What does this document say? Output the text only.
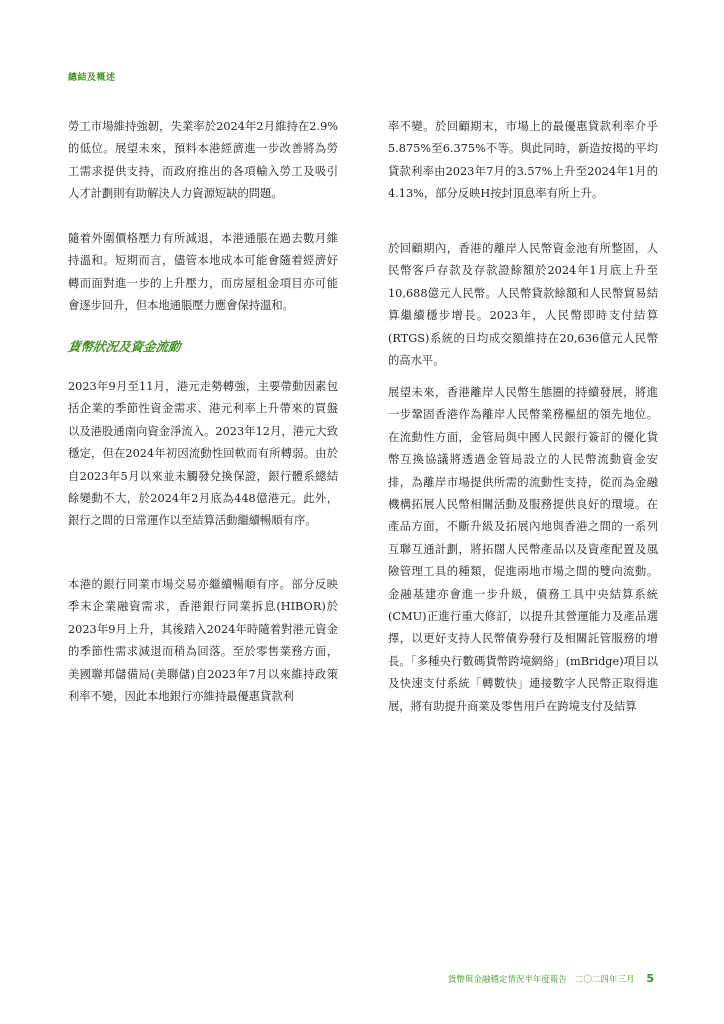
總結及概述

勞工市場維持強韌，失業率於2024年2月維持在2.9%的低位。展望未來，預料本港經濟進一步改善將為勞工需求提供支持，而政府推出的各項輸入勞工及吸引人才計劃則有助解決人力資源短缺的問題。

隨着外圍價格壓力有所減退，本港通脹在過去數月維持溫和。短期而言，儘管本地成本可能會隨着經濟好轉而面對進一步的上升壓力，而房屋租金項目亦可能會逐步回升，但本地通脹壓力應會保持溫和。

貨幣狀況及資金流動

2023年9月至11月，港元走勢轉強，主要帶動因素包括企業的季節性資金需求、港元利率上升帶來的買盤以及港股通南向資金淨流入。2023年12月，港元大致穩定，但在2024年初因流動性回軟而有所轉弱。由於自2023年5月以來並未觸發兌換保證，銀行體系總結餘變動不大，於2024年2月底為448億港元。此外，銀行之間的日常運作以至結算活動繼續暢順有序。

本港的銀行同業市場交易亦繼續暢順有序。部分反映季末企業融資需求，香港銀行同業拆息(HIBOR)於2023年9月上升，其後踏入2024年時隨着對港元資金的季節性需求減退而稍為回落。至於零售業務方面，美國聯邦儲備局(美聯儲)自2023年7月以來維持政策利率不變，因此本地銀行亦維持最優惠貸款利

率不變。於回顧期末，市場上的最優惠貸款利率介乎5.875%至6.375%不等。與此同時，新造按揭的平均貸款利率由2023年7月的3.57%上升至2024年1月的4.13%，部分反映H按封頂息率有所上升。

於回顧期內，香港的離岸人民幣資金池有所整固，人民幣客戶存款及存款證餘額於2024年1月底上升至10,688億元人民幣。人民幣貸款餘額和人民幣貿易結算繼續穩步增長。2023年，人民幣即時支付結算(RTGS)系統的日均成交額維持在20,636億元人民幣的高水平。

展望未來，香港離岸人民幣生態圈的持續發展，將進一步鞏固香港作為離岸人民幣業務樞紐的領先地位。在流動性方面，金管局與中國人民銀行簽訂的優化貨幣互換協議將透過金管局設立的人民幣流動資金安排，為離岸市場提供所需的流動性支持，從而為金融機構拓展人民幣相關活動及服務提供良好的環境。在產品方面，不斷升級及拓展內地與香港之間的一系列互聯互通計劃，將拓闊人民幣產品以及資產配置及風險管理工具的種類，促進兩地市場之間的雙向流動。金融基建亦會進一步升級，債務工具中央結算系統(CMU)正進行重大修訂，以提升其營運能力及產品選擇，以更好支持人民幣債券發行及相關託管服務的增長。「多種央行數碼貨幣跨境網絡」(mBridge)項目以及快速支付系統「轉數快」連接數字人民幣正取得進展，將有助提升商業及零售用戶在跨境支付及結算

貨幣與金融穩定情況半年度報告 二〇二四年三月 5
